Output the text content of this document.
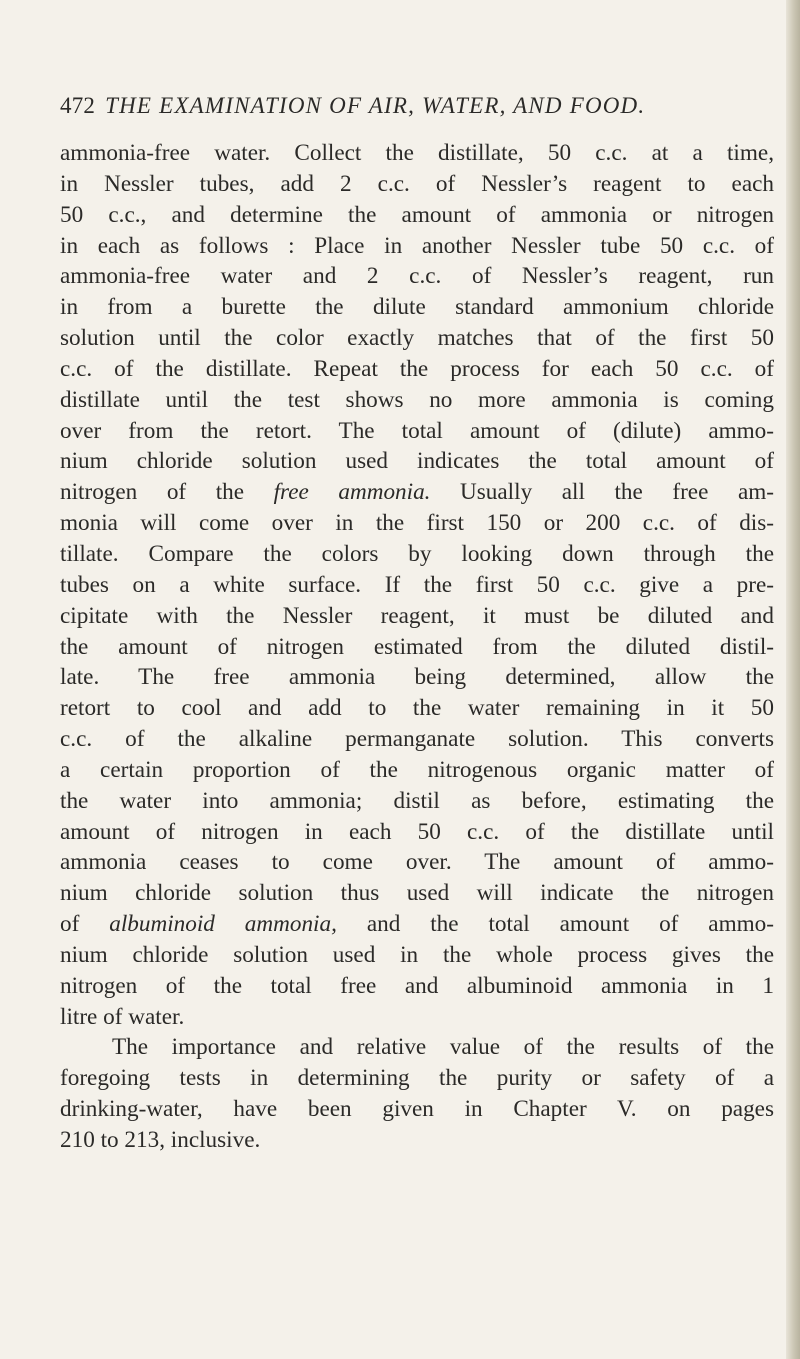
472 THE EXAMINATION OF AIR, WATER, AND FOOD.
ammonia-free water. Collect the distillate, 50 c.c. at a time,
in Nessler tubes, add 2 c.c. of Nessler’s reagent to each
50 c.c., and determine the amount of ammonia or nitrogen
in each as follows : Place in another Nessler tube 50 c.c. of
ammonia-free water and 2 c.c. of Nessler’s reagent, run
in from a burette the dilute standard ammonium chloride
solution until the color exactly matches that of the first 50
c.c. of the distillate. Repeat the process for each 50 c.c. of
distillate until the test shows no more ammonia is coming
over from the retort. The total amount of (dilute) ammo-
nium chloride solution used indicates the total amount of
nitrogen of the free ammonia. Usually all the free am-
monia will come over in the first 150 or 200 c.c. of dis-
tillate. Compare the colors by looking down through the
tubes on a white surface. If the first 50 c.c. give a pre-
cipitate with the Nessler reagent, it must be diluted and
the amount of nitrogen estimated from the diluted distil-
late. The free ammonia being determined, allow the
retort to cool and add to the water remaining in it 50
c.c. of the alkaline permanganate solution. This converts
a certain proportion of the nitrogenous organic matter of
the water into ammonia; distil as before, estimating the
amount of nitrogen in each 50 c.c. of the distillate until
ammonia ceases to come over. The amount of ammo-
nium chloride solution thus used will indicate the nitrogen
of albuminoid ammonia, and the total amount of ammo-
nium chloride solution used in the whole process gives the
nitrogen of the total free and albuminoid ammonia in 1
litre of water.
The importance and relative value of the results of the
foregoing tests in determining the purity or safety of a
drinking-water, have been given in Chapter V. on pages
210 to 213, inclusive.
